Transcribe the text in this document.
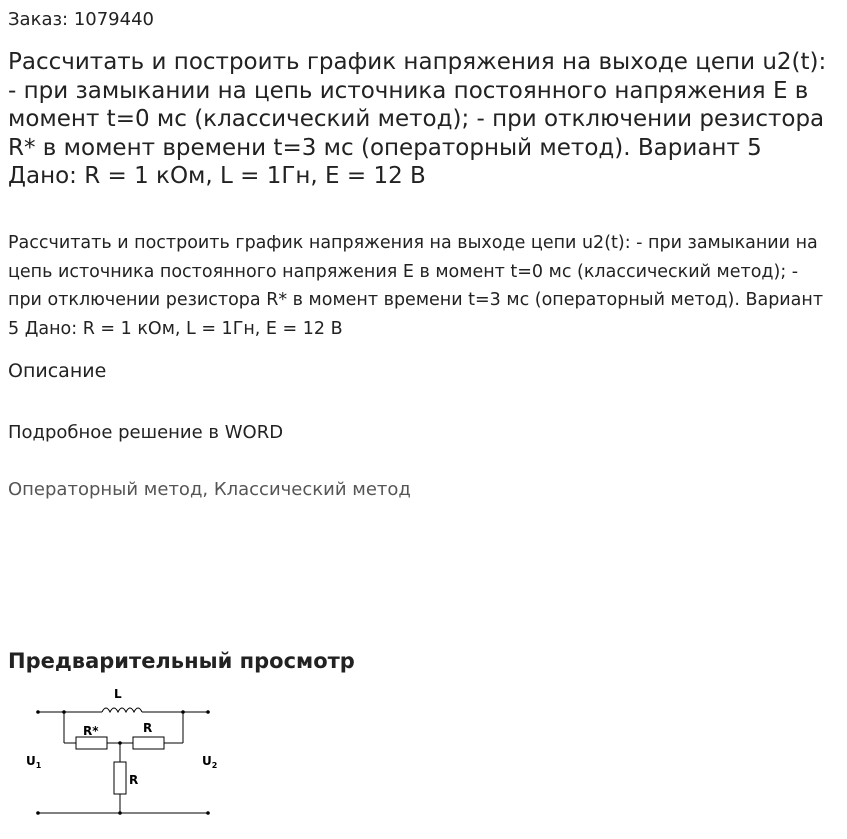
Заказ: 1079440
Рассчитать и построить график напряжения на выходе цепи u2(t): - при замыкании на цепь источника постоянного напряжения E в момент t=0 мс (классический метод); - при отключении резистора R* в момент времени t=3 мс (операторный метод). Вариант 5 Дано: R = 1 кОм, L = 1Гн, E = 12 В

Рассчитать и построить график напряжения на выходе цепи u2(t): - при замыкании на цепь источника постоянного напряжения E в момент t=0 мс (классический метод); - при отключении резистора R* в момент времени t=3 мс (операторный метод). Вариант 5 Дано: R = 1 кОм, L = 1Гн, E = 12 В

Описание
Подробное решение в WORD
Операторный метод, Классический метод
Предварительный просмотр
L
R*	R
R
$U_1$	$U_2$
